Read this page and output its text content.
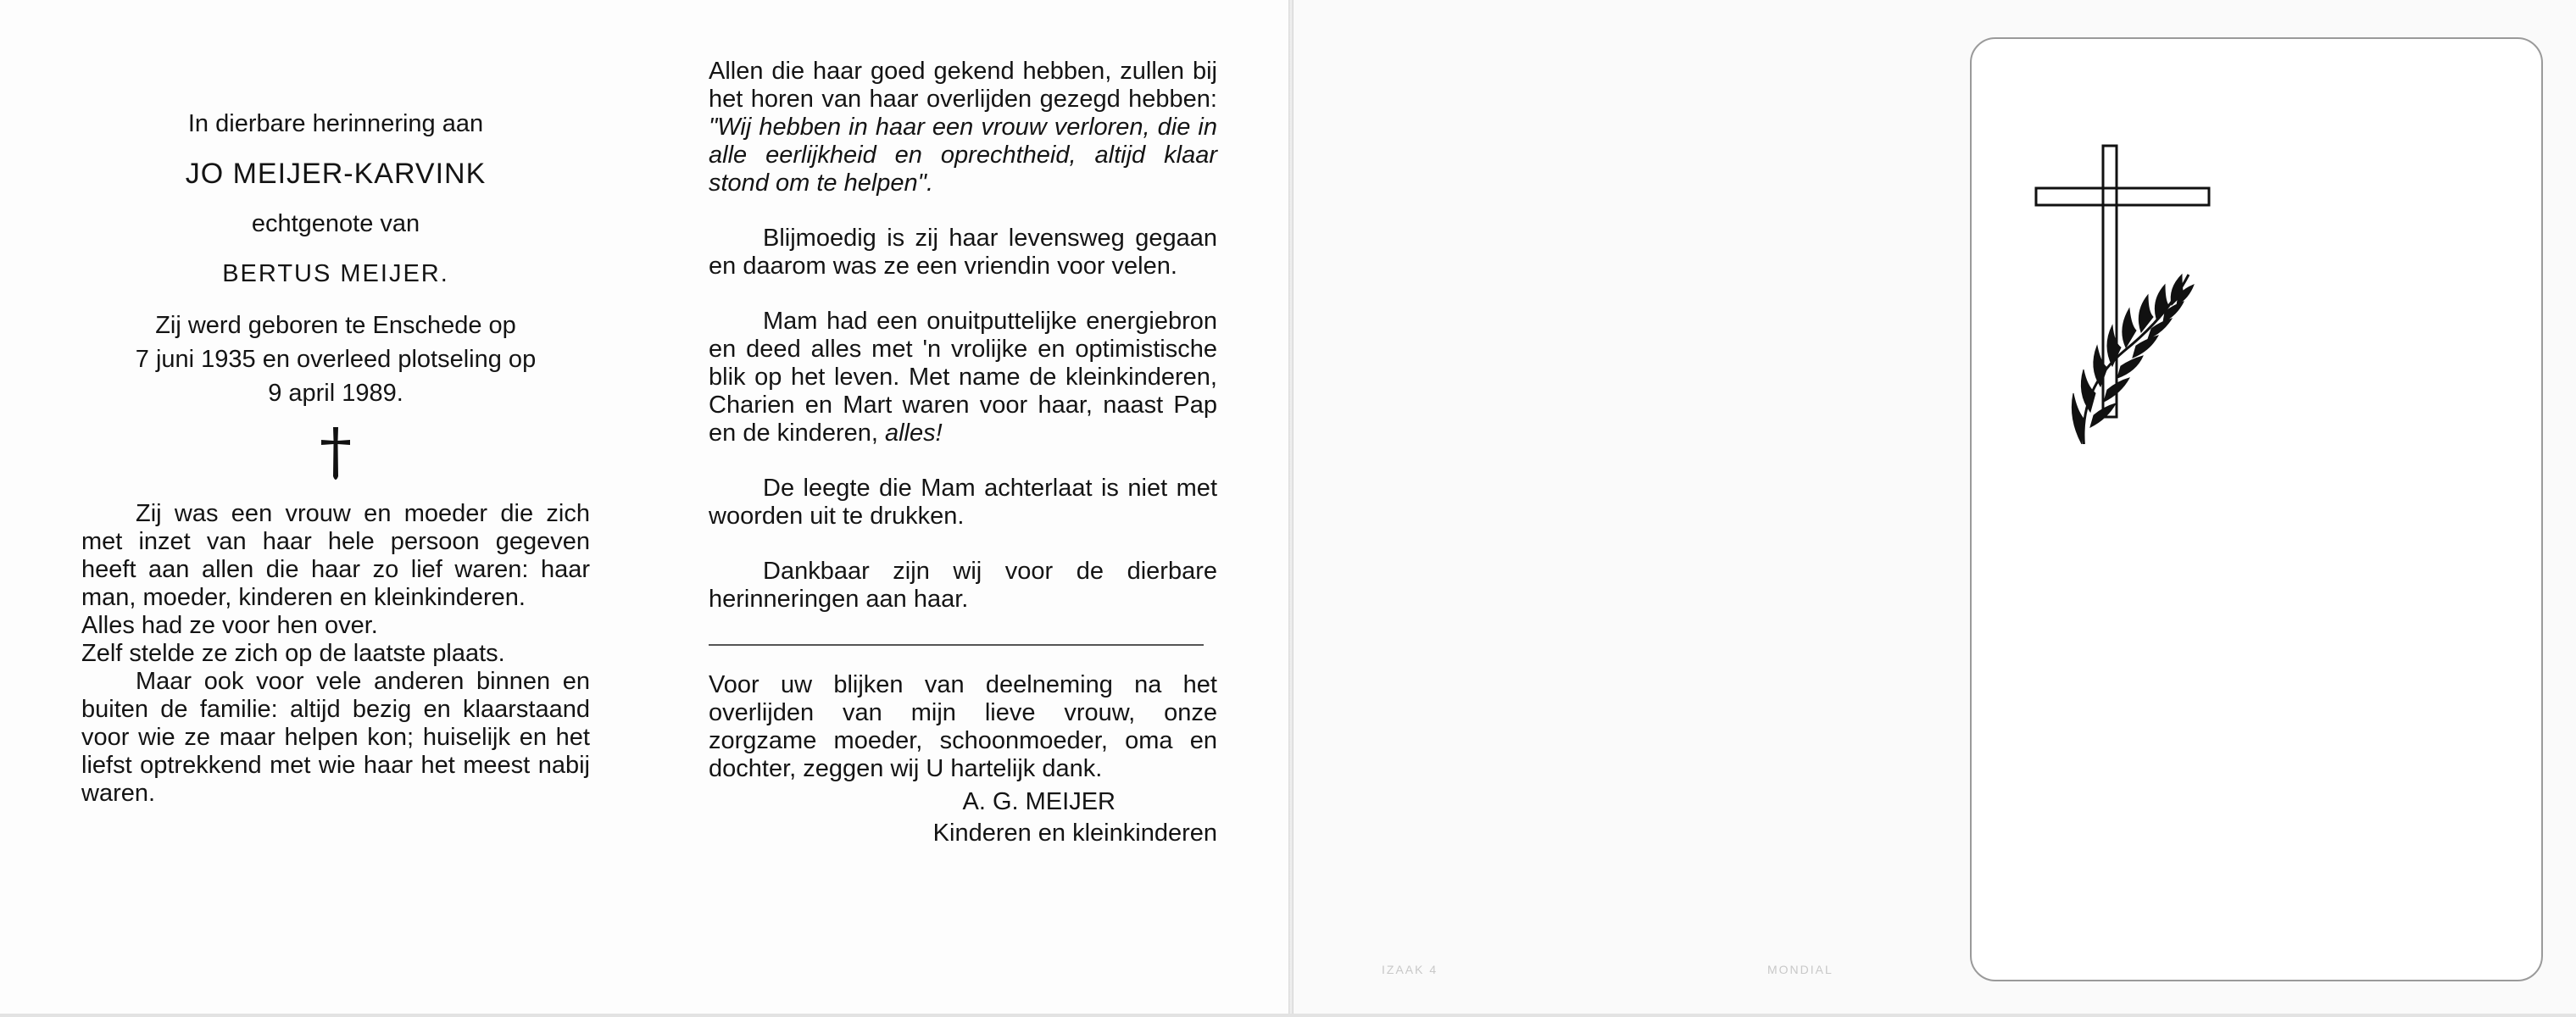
In dierbare herinnering aan
JO MEIJER-KARVINK
echtgenote van
BERTUS MEIJER.
Zij werd geboren te Enschede op
7 juni 1935 en overleed plotseling op
9 april 1989.

Zij was een vrouw en moeder die zich met inzet van haar hele persoon gegeven heeft aan allen die haar zo lief waren: haar man, moeder, kinderen en kleinkinderen.

Alles had ze voor hen over.

Zelf stelde ze zich op de laatste plaats.

Maar ook voor vele anderen binnen en buiten de familie: altijd bezig en klaarstaand voor wie ze maar helpen kon; huiselijk en het liefst optrekkend met wie haar het meest nabij waren.

Allen die haar goed gekend hebben, zullen bij het horen van haar overlijden gezegd hebben: "Wij hebben in haar een vrouw verloren, die in alle eerlijkheid en oprechtheid, altijd klaar stond om te helpen".

Blijmoedig is zij haar levensweg gegaan en daarom was ze een vriendin voor velen.

Mam had een onuitputtelijke energiebron en deed alles met 'n vrolijke en optimistische blik op het leven. Met name de kleinkinderen, Charien en Mart waren voor haar, naast Pap en de kinderen, alles!

De leegte die Mam achterlaat is niet met woorden uit te drukken.

Dankbaar zijn wij voor de dierbare herinneringen aan haar.

Voor uw blijken van deelneming na het overlijden van mijn lieve vrouw, onze zorgzame moeder, schoonmoeder, oma en dochter, zeggen wij U hartelijk dank.

A. G. MEIJER
Kinderen en kleinkinderen
IZAAK 4	MONDIAL
